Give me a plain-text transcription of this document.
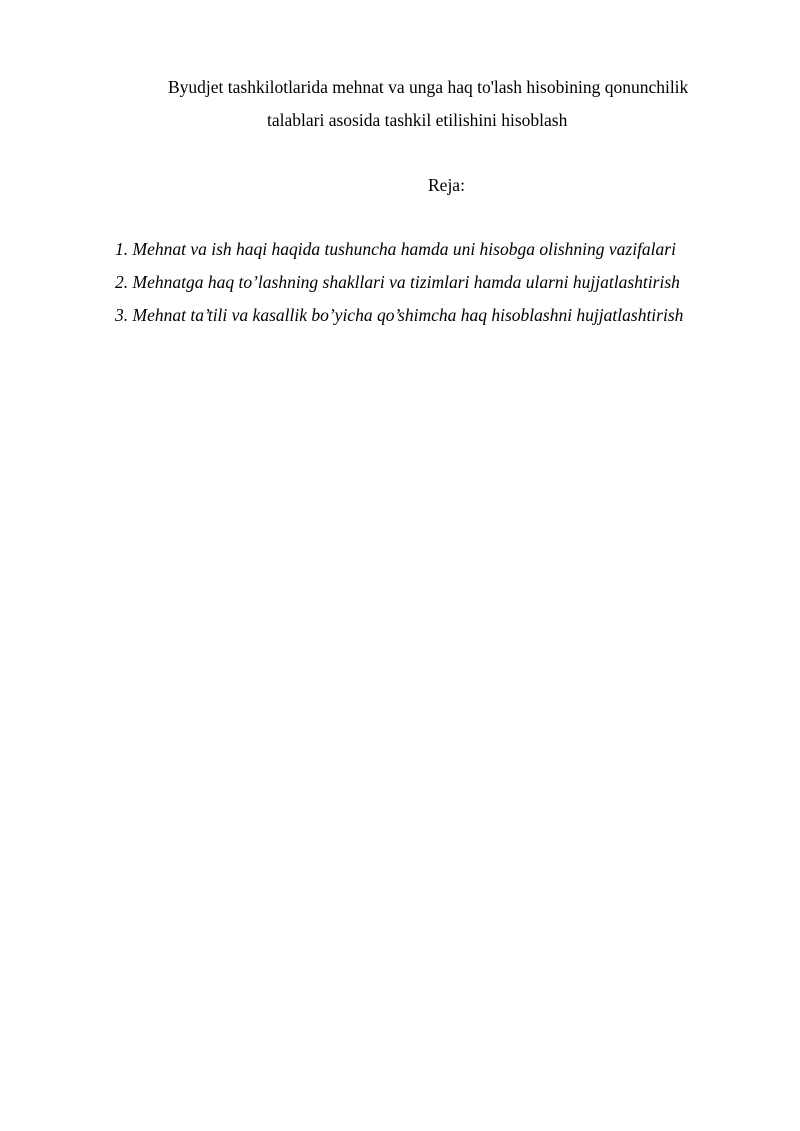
Byudjet tashkilotlarida mehnat va unga haq to'lash hisobining qonunchilik
talablari asosida tashkil etilishini hisoblash
Reja:
1. Mehnat va ish haqi haqida tushuncha hamda uni hisobga olishning vazifalari
2. Mehnatga haq to’lashning shakllari va tizimlari hamda ularni hujjatlashtirish
3. Mehnat ta’tili va kasallik bo’yicha qo’shimcha haq hisoblashni hujjatlashtirish
